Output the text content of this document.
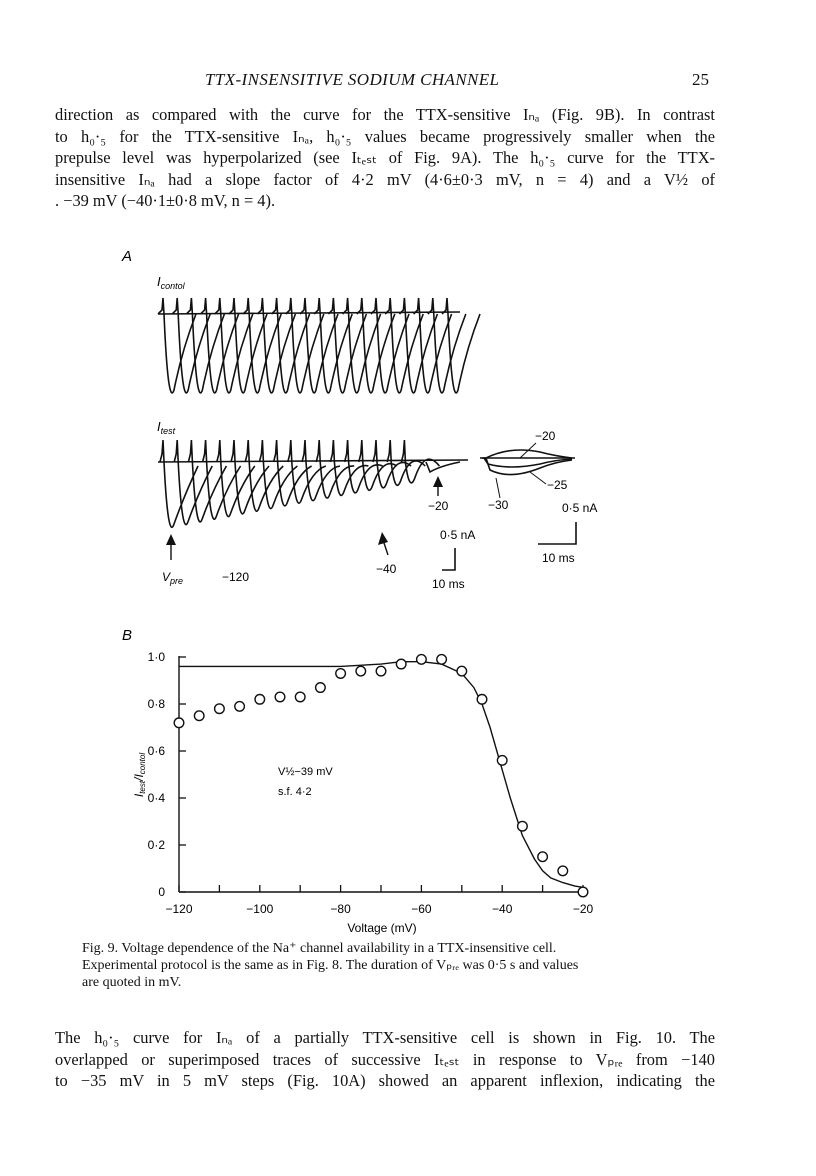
TTX-INSENSITIVE SODIUM CHANNEL	25
direction as compared with the curve for the TTX-sensitive Iₙₐ (Fig. 9B). In contrast
to h₀·₅ for the TTX-sensitive Iₙₐ, h₀·₅ values became progressively smaller when the
prepulse level was hyperpolarized (see Iₜₑₛₜ of Fig. 9A). The h₀·₅ curve for the TTX-
insensitive Iₙₐ had a slope factor of 4·2 mV (4·6±0·3 mV, n = 4) and a V½ of
. −39 mV (−40·1±0·8 mV, n = 4).
A
$I_{contol}$
$I_{test}$	−20
−25
−30
$V_{pre}$	−120
−40
−20
0·5 nA
10 ms
0·5 nA
10 ms
B
0
0·2
0·4
0·6
0·8
1·0
−120	−100	−80	−60	−40	−20
Itest/Icontol
Voltage (mV)
V½−39 mV
s.f. 4·2
Fig. 9. Voltage dependence of the Na⁺ channel availability in a TTX-insensitive cell.
Experimental protocol is the same as in Fig. 8. The duration of Vₚᵣₑ was 0·5 s and values
are quoted in mV.
The h₀·₅ curve for Iₙₐ of a partially TTX-sensitive cell is shown in Fig. 10. The
overlapped or superimposed traces of successive Iₜₑₛₜ in response to Vₚᵣₑ from −140
to −35 mV in 5 mV steps (Fig. 10A) showed an apparent inflexion, indicating the
